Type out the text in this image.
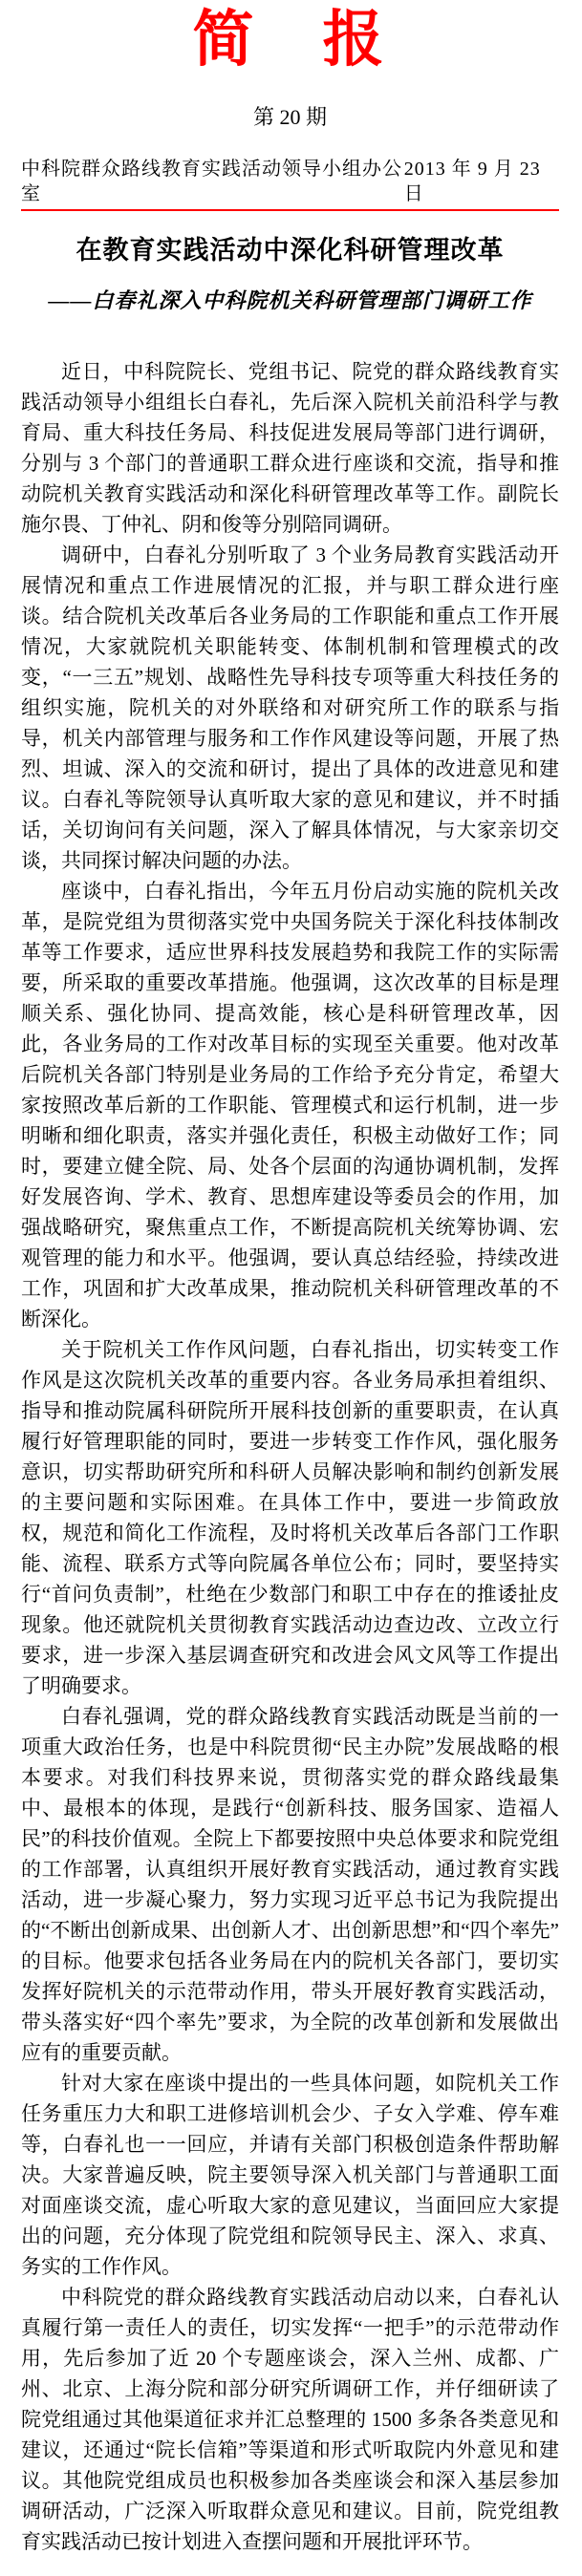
简　报
第 20 期
中科院群众路线教育实践活动领导小组办公室
2013 年 9 月 23 日
在教育实践活动中深化科研管理改革
——白春礼深入中科院机关科研管理部门调研工作

近日，中科院院长、党组书记、院党的群众路线教育实践活动领导小组组长白春礼，先后深入院机关前沿科学与教育局、重大科技任务局、科技促进发展局等部门进行调研，分别与 3 个部门的普通职工群众进行座谈和交流，指导和推动院机关教育实践活动和深化科研管理改革等工作。副院长施尔畏、丁仲礼、阴和俊等分别陪同调研。

调研中，白春礼分别听取了 3 个业务局教育实践活动开展情况和重点工作进展情况的汇报，并与职工群众进行座谈。结合院机关改革后各业务局的工作职能和重点工作开展情况，大家就院机关职能转变、体制机制和管理模式的改变，“一三五”规划、战略性先导科技专项等重大科技任务的组织实施，院机关的对外联络和对研究所工作的联系与指导，机关内部管理与服务和工作作风建设等问题，开展了热烈、坦诚、深入的交流和研讨，提出了具体的改进意见和建议。白春礼等院领导认真听取大家的意见和建议，并不时插话，关切询问有关问题，深入了解具体情况，与大家亲切交谈，共同探讨解决问题的办法。

座谈中，白春礼指出，今年五月份启动实施的院机关改革，是院党组为贯彻落实党中央国务院关于深化科技体制改革等工作要求，适应世界科技发展趋势和我院工作的实际需要，所采取的重要改革措施。他强调，这次改革的目标是理顺关系、强化协同、提高效能，核心是科研管理改革，因此，各业务局的工作对改革目标的实现至关重要。他对改革后院机关各部门特别是业务局的工作给予充分肯定，希望大家按照改革后新的工作职能、管理模式和运行机制，进一步明晰和细化职责，落实并强化责任，积极主动做好工作；同时，要建立健全院、局、处各个层面的沟通协调机制，发挥好发展咨询、学术、教育、思想库建设等委员会的作用，加强战略研究，聚焦重点工作，不断提高院机关统筹协调、宏观管理的能力和水平。他强调，要认真总结经验，持续改进工作，巩固和扩大改革成果，推动院机关科研管理改革的不断深化。

关于院机关工作作风问题，白春礼指出，切实转变工作作风是这次院机关改革的重要内容。各业务局承担着组织、指导和推动院属科研院所开展科技创新的重要职责，在认真履行好管理职能的同时，要进一步转变工作作风，强化服务意识，切实帮助研究所和科研人员解决影响和制约创新发展的主要问题和实际困难。在具体工作中，要进一步简政放权，规范和简化工作流程，及时将机关改革后各部门工作职能、流程、联系方式等向院属各单位公布；同时，要坚持实行“首问负责制”，杜绝在少数部门和职工中存在的推诿扯皮现象。他还就院机关贯彻教育实践活动边查边改、立改立行要求，进一步深入基层调查研究和改进会风文风等工作提出了明确要求。

白春礼强调，党的群众路线教育实践活动既是当前的一项重大政治任务，也是中科院贯彻“民主办院”发展战略的根本要求。对我们科技界来说，贯彻落实党的群众路线最集中、最根本的体现，是践行“创新科技、服务国家、造福人民”的科技价值观。全院上下都要按照中央总体要求和院党组的工作部署，认真组织开展好教育实践活动，通过教育实践活动，进一步凝心聚力，努力实现习近平总书记为我院提出的“不断出创新成果、出创新人才、出创新思想”和“四个率先”的目标。他要求包括各业务局在内的院机关各部门，要切实发挥好院机关的示范带动作用，带头开展好教育实践活动，带头落实好“四个率先”要求，为全院的改革创新和发展做出应有的重要贡献。

针对大家在座谈中提出的一些具体问题，如院机关工作任务重压力大和职工进修培训机会少、子女入学难、停车难等，白春礼也一一回应，并请有关部门积极创造条件帮助解决。大家普遍反映，院主要领导深入机关部门与普通职工面对面座谈交流，虚心听取大家的意见建议，当面回应大家提出的问题，充分体现了院党组和院领导民主、深入、求真、务实的工作作风。

中科院党的群众路线教育实践活动启动以来，白春礼认真履行第一责任人的责任，切实发挥“一把手”的示范带动作用，先后参加了近 20 个专题座谈会，深入兰州、成都、广州、北京、上海分院和部分研究所调研工作，并仔细研读了院党组通过其他渠道征求并汇总整理的 1500 多条各类意见和建议，还通过“院长信箱”等渠道和形式听取院内外意见和建议。其他院党组成员也积极参加各类座谈会和深入基层参加调研活动，广泛深入听取群众意见和建议。目前，院党组教育实践活动已按计划进入查摆问题和开展批评环节。
